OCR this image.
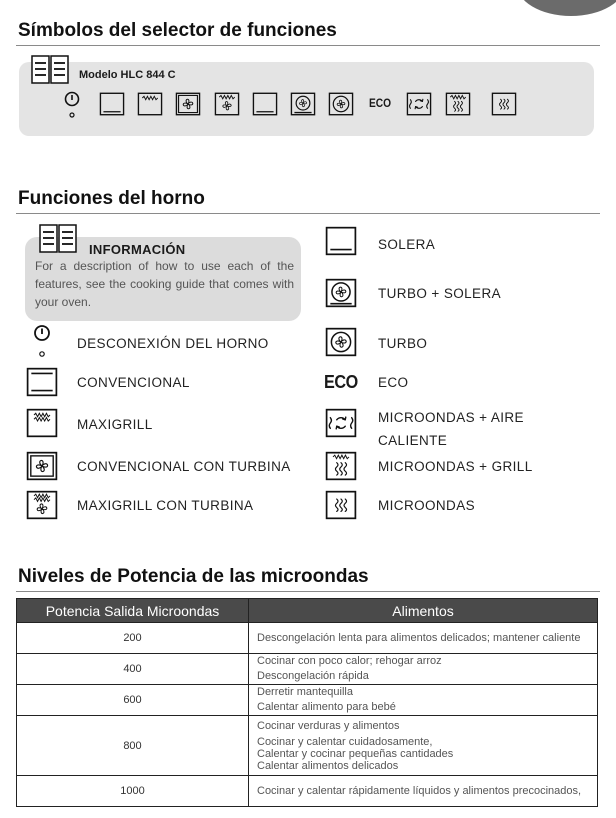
Símbolos del selector de funciones
Modelo HLC 844 C
ECO
Funciones del horno
INFORMACIÓN
For a description of how to use each of the features, see the cooking guide that comes with your oven.
DESCONEXIÓN DEL HORNO
CONVENCIONAL
MAXIGRILL
CONVENCIONAL CON TURBINA
MAXIGRILL CON TURBINA
SOLERA
TURBO + SOLERA
TURBO
ECO ECO
MICROONDAS + AIRE
CALIENTE
MICROONDAS + GRILL
MICROONDAS
Niveles de Potencia de las microondas
Potencia Salida Microondas	Alimentos
200	Descongelación lenta para alimentos delicados; mantener caliente
400	Cocinar con poco calor; rehogar arroz
Descongelación rápida

600	Derretir mantequilla
Calentar alimento para bebé

800	Cocinar verduras y alimentos
Cocinar y calentar cuidadosamente,
Calentar y cocinar pequeñas cantidades
Calentar alimentos delicados

1000	Cocinar y calentar rápidamente líquidos y alimentos precocinados,
